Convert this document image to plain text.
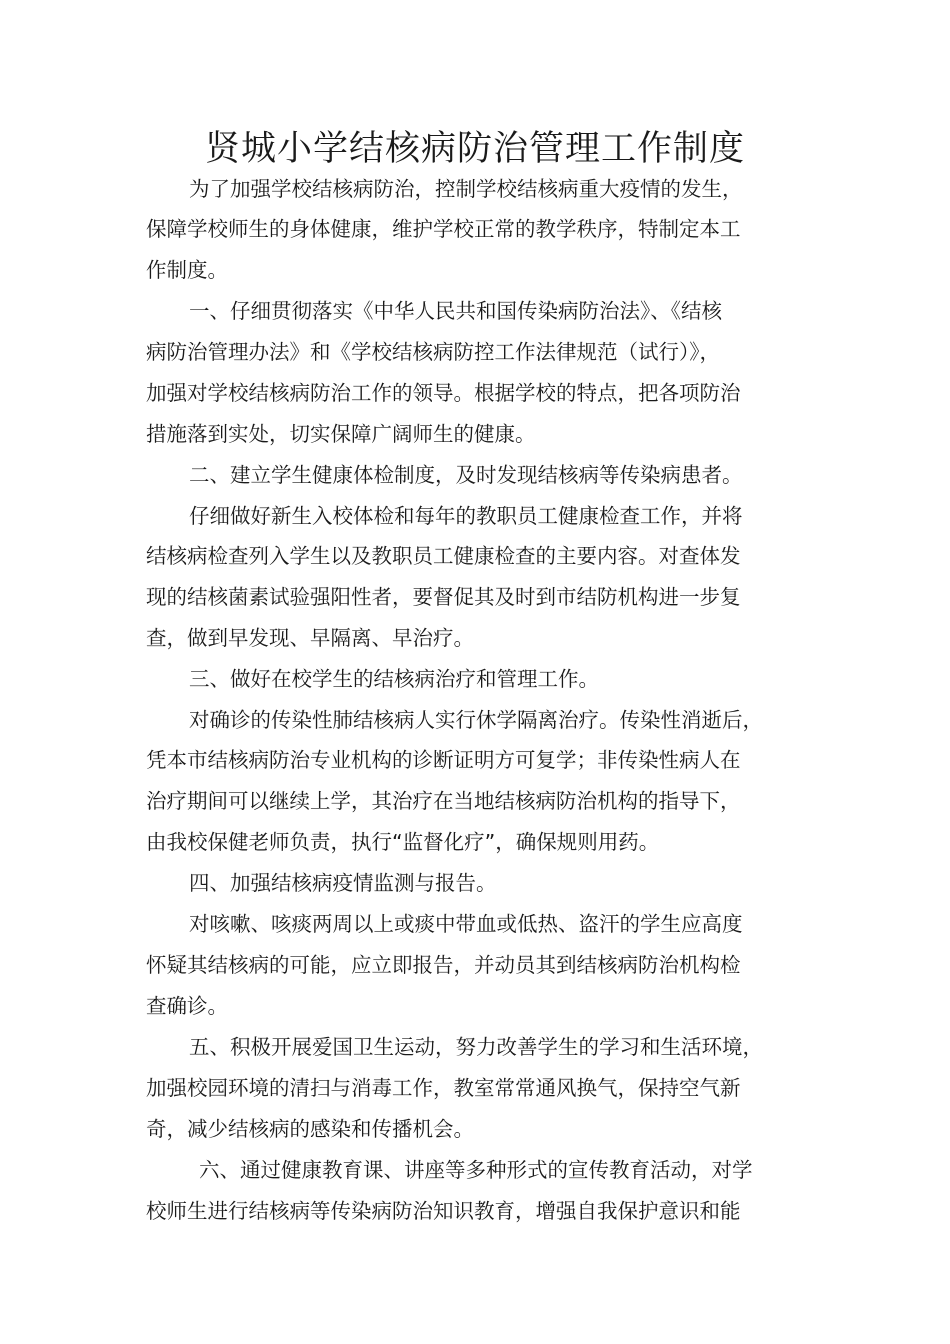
贤城小学结核病防治管理工作制度

为了加强学校结核病防治，控制学校结核病重大疫情的发生，

保障学校师生的身体健康，维护学校正常的教学秩序，特制定本工

作制度。

一、仔细贯彻落实《中华人民共和国传染病防治法》、《结核

病防治管理办法》和《学校结核病防控工作法律规范（试行）》，

加强对学校结核病防治工作的领导。根据学校的特点，把各项防治

措施落到实处，切实保障广阔师生的健康。

二、建立学生健康体检制度，及时发现结核病等传染病患者。

仔细做好新生入校体检和每年的教职员工健康检查工作，并将

结核病检查列入学生以及教职员工健康检查的主要内容。对查体发

现的结核菌素试验强阳性者，要督促其及时到市结防机构进一步复

查，做到早发现、早隔离、早治疗。

三、做好在校学生的结核病治疗和管理工作。

对确诊的传染性肺结核病人实行休学隔离治疗。传染性消逝后，

凭本市结核病防治专业机构的诊断证明方可复学；非传染性病人在

治疗期间可以继续上学，其治疗在当地结核病防治机构的指导下，

由我校保健老师负责，执行“监督化疗”，确保规则用药。

四、加强结核病疫情监测与报告。

对咳嗽、咳痰两周以上或痰中带血或低热、盗汗的学生应高度

怀疑其结核病的可能，应立即报告，并动员其到结核病防治机构检

查确诊。

五、积极开展爱国卫生运动，努力改善学生的学习和生活环境，

加强校园环境的清扫与消毒工作，教室常常通风换气，保持空气新

奇，减少结核病的感染和传播机会。

六、通过健康教育课、讲座等多种形式的宣传教育活动，对学

校师生进行结核病等传染病防治知识教育，增强自我保护意识和能
